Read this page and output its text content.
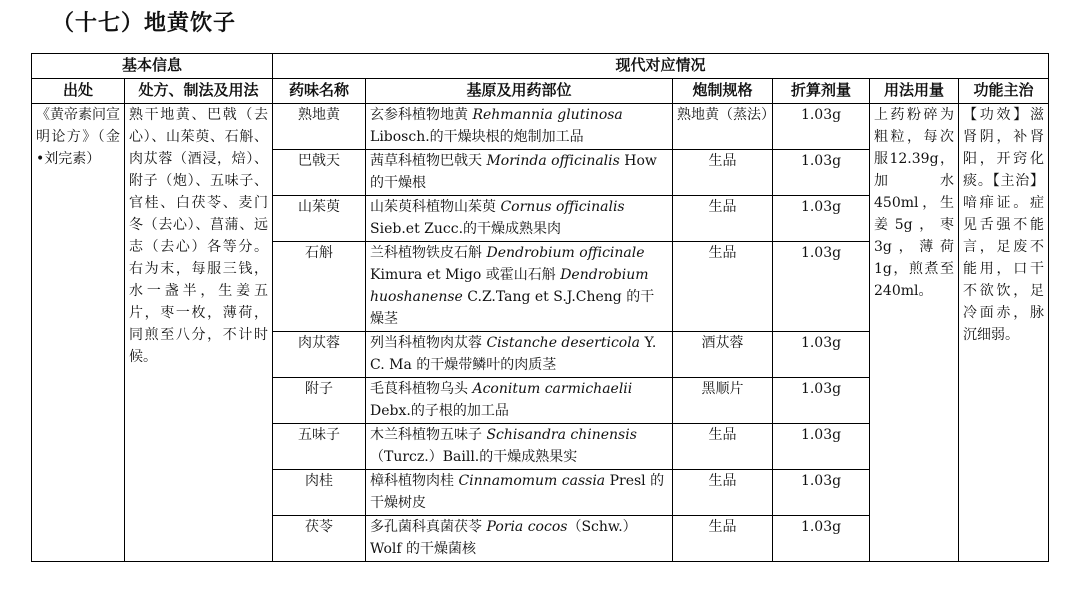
（十七）地黄饮子
基本信息		现代对应情况					
出处	处方、制法及用法	药味名称	基原及用药部位	炮制规格	折算剂量	用法用量	功能主治
《黄帝素问宣明论方》（金•刘完素）	熟干地黄、巴戟（去心）、山茱萸、石斛、肉苁蓉（酒浸，焙）、附子（炮）、五味子、官桂、白茯苓、麦门冬（去心）、菖蒲、远志（去心）各等分。右为末，每服三钱，水一盏半，生姜五片，枣一枚，薄荷，同煎至八分，不计时候。	熟地黄	玄参科植物地黄 Rehmannia glutinosa Libosch.的干燥块根的炮制加工品	熟地黄（蒸法）	1.03g	上药粉碎为粗粒，每次服12.39g，加水450ml，生姜5g，枣3g，薄荷1g，煎煮至240ml。	【功效】滋肾阴，补肾阳，开窍化痰。【主治】喑痱证。症见舌强不能言，足废不能用，口干不欲饮，足冷面赤，脉沉细弱。
		巴戟天	茜草科植物巴戟天 Morinda officinalis How 的干燥根	生品	1.03g		
		山茱萸	山茱萸科植物山茱萸 Cornus officinalis Sieb.et Zucc.的干燥成熟果肉	生品	1.03g		
		石斛	兰科植物铁皮石斛 Dendrobium officinale Kimura et Migo 或霍山石斛 Dendrobium huoshanense C.Z.Tang et S.J.Cheng 的干燥茎	生品	1.03g		
		肉苁蓉	列当科植物肉苁蓉 Cistanche deserticola Y. C. Ma 的干燥带鳞叶的肉质茎	酒苁蓉	1.03g		
		附子	毛茛科植物乌头 Aconitum carmichaelii Debx.的子根的加工品	黑顺片	1.03g		
		五味子	木兰科植物五味子 Schisandra chinensis（Turcz.）Baill.的干燥成熟果实	生品	1.03g		
		肉桂	樟科植物肉桂 Cinnamomum cassia Presl 的干燥树皮	生品	1.03g		
		茯苓	多孔菌科真菌茯苓 Poria cocos（Schw.）Wolf 的干燥菌核	生品	1.03g		
